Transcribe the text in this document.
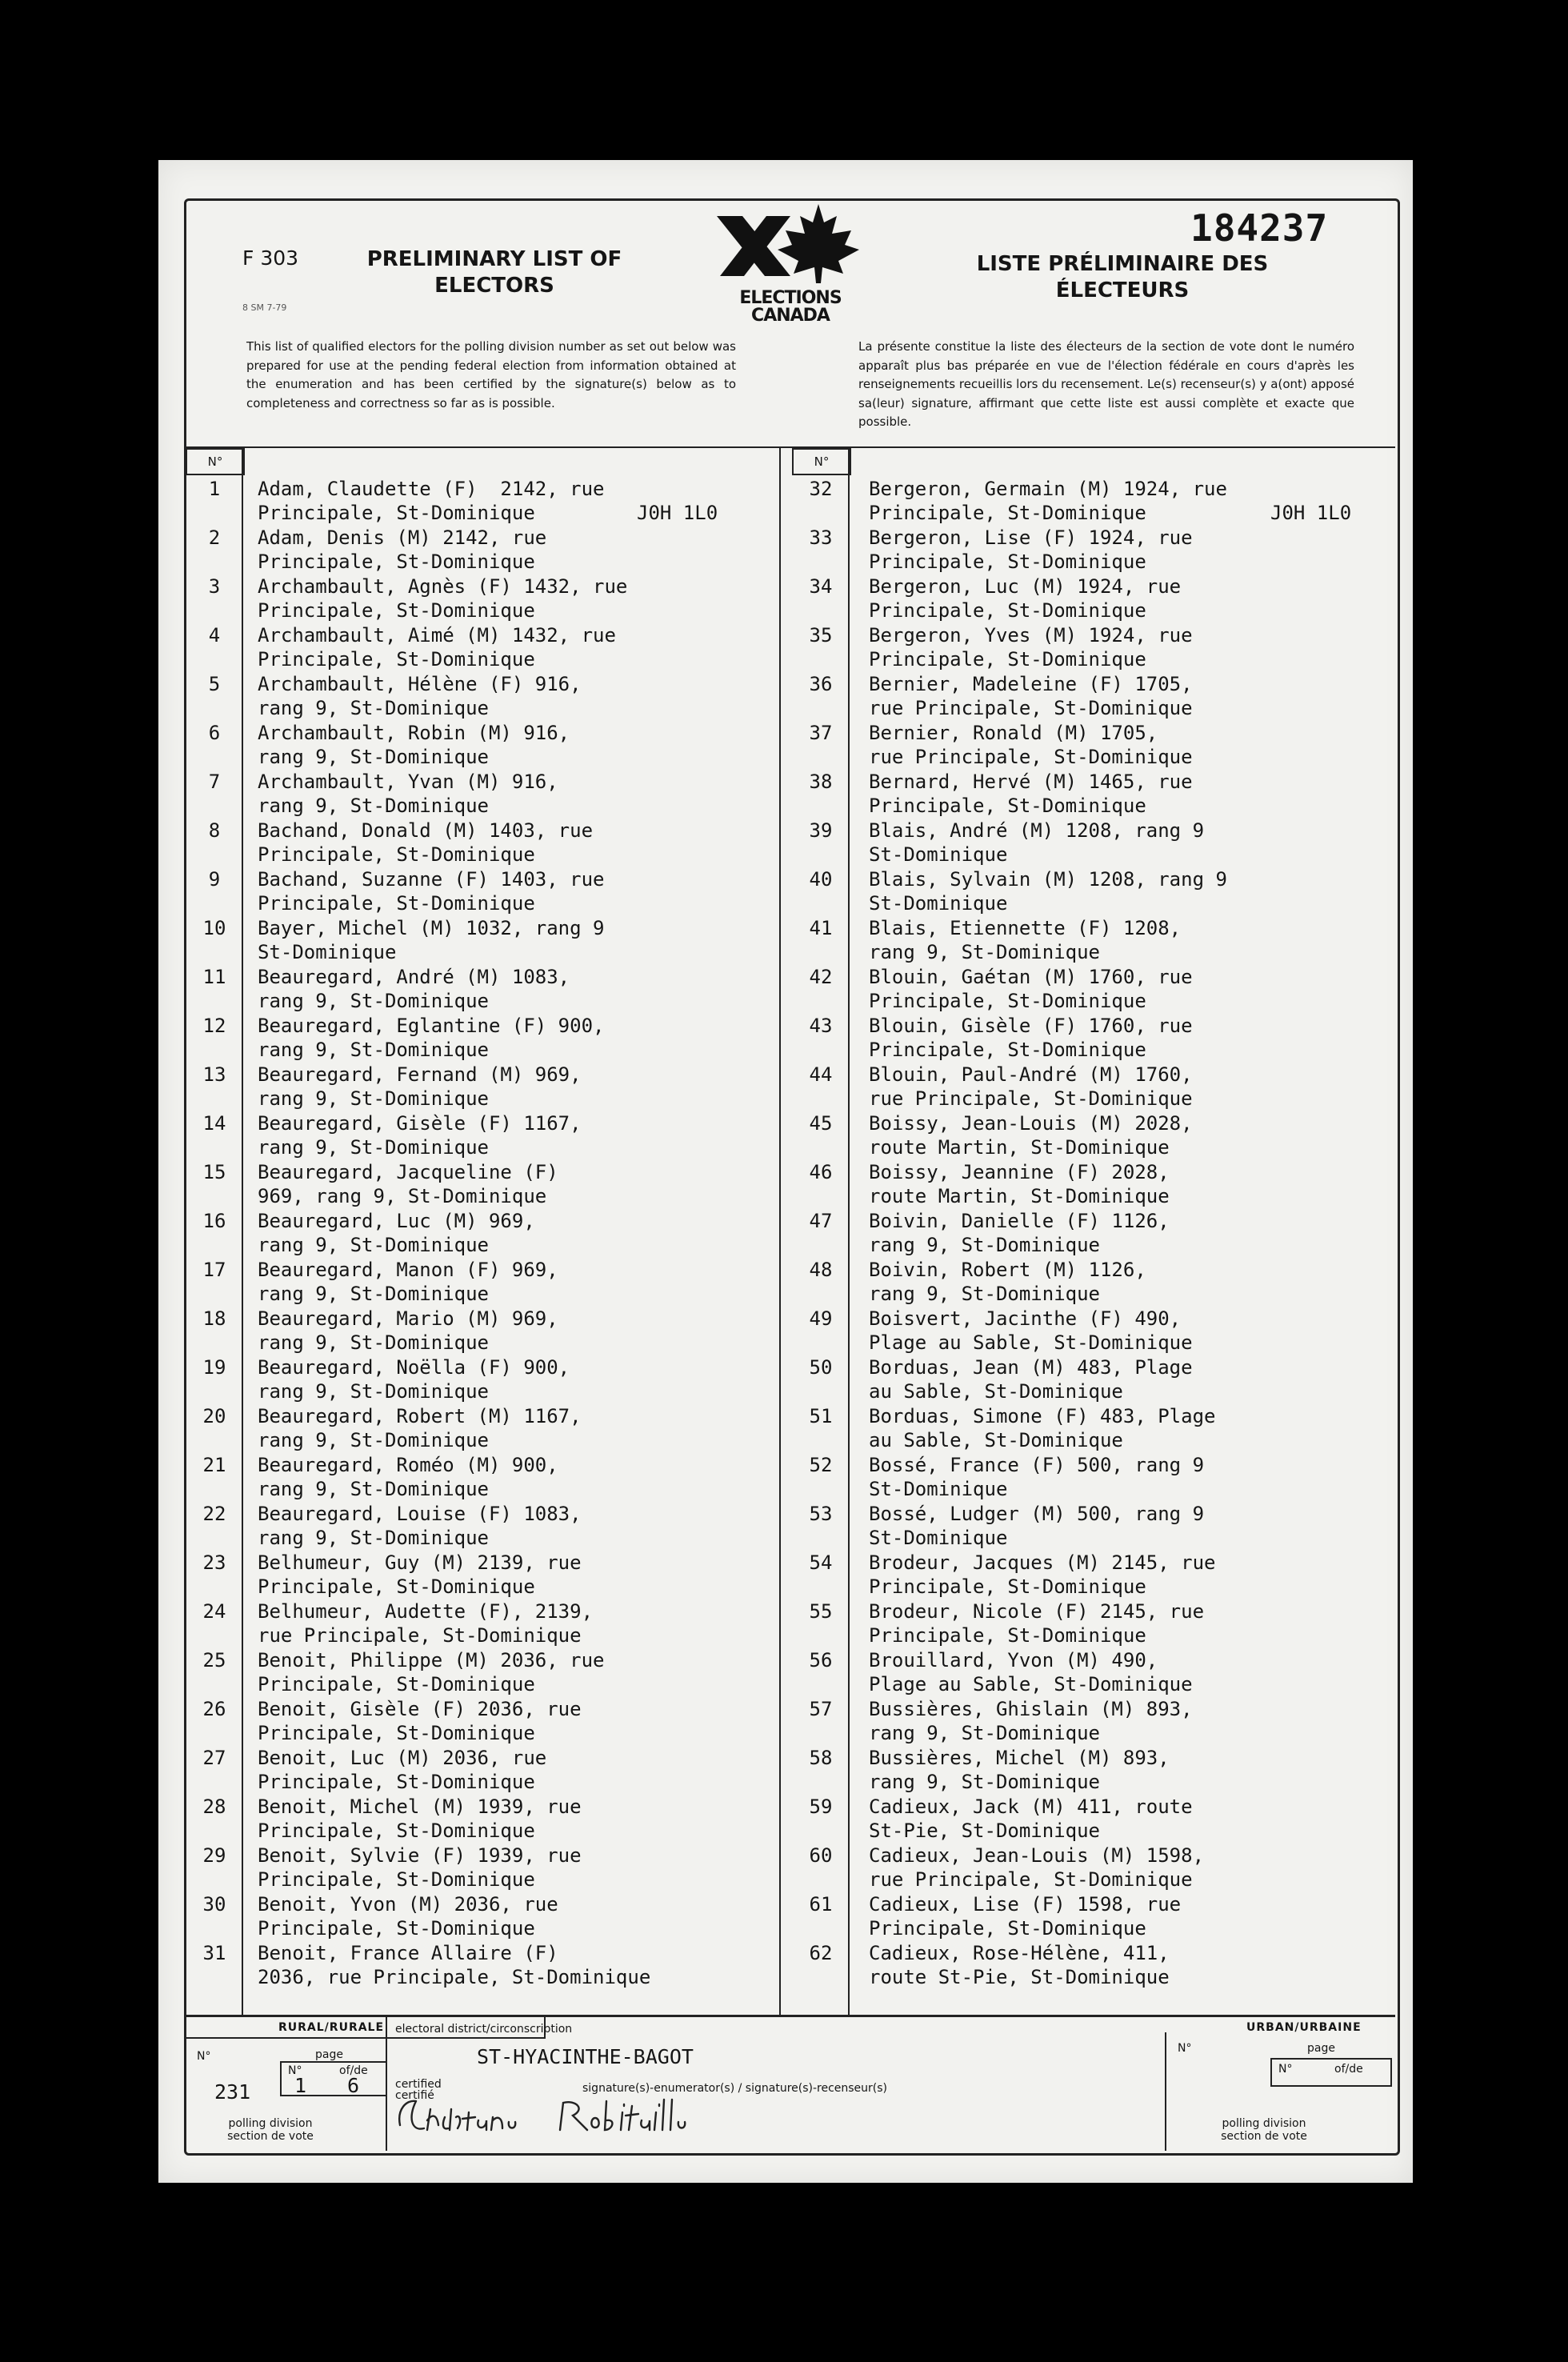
F 303
8 SM 7-79
PRELIMINARY LIST OF ELECTORS
ELECTIONS
CANADA
184237
LISTE PRÉLIMINAIRE DES ÉLECTEURS
This list of qualified electors for the polling division number as set out below was prepared for use at the pending federal election from information obtained at the enumeration and has been certified by the signature(s) below as to completeness and correctness so far as is possible.
La présente constitue la liste des électeurs de la section de vote dont le numéro apparaît plus bas préparée en vue de l'élection fédérale en cours d'après les renseignements recueillis lors du recensement. Le(s) recenseur(s) y a(ont) apposé sa(leur) signature, affirmant que cette liste est aussi complète et exacte que possible.
N°	N°
1	Adam, Claudette (F)  2142, rue
Principale, St-Dominique	J0H 1L0
2	Adam, Denis (M) 2142, rue
Principale, St-Dominique
3	Archambault, Agnès (F) 1432, rue
Principale, St-Dominique
4	Archambault, Aimé (M) 1432, rue
Principale, St-Dominique
5	Archambault, Hélène (F) 916,
rang 9, St-Dominique
6	Archambault, Robin (M) 916,
rang 9, St-Dominique
7	Archambault, Yvan (M) 916,
rang 9, St-Dominique
8	Bachand, Donald (M) 1403, rue
Principale, St-Dominique
9	Bachand, Suzanne (F) 1403, rue
Principale, St-Dominique
10	Bayer, Michel (M) 1032, rang 9
St-Dominique
11	Beauregard, André (M) 1083,
rang 9, St-Dominique
12	Beauregard, Eglantine (F) 900,
rang 9, St-Dominique
13	Beauregard, Fernand (M) 969,
rang 9, St-Dominique
14	Beauregard, Gisèle (F) 1167,
rang 9, St-Dominique
15	Beauregard, Jacqueline (F)
969, rang 9, St-Dominique
16	Beauregard, Luc (M) 969,
rang 9, St-Dominique
17	Beauregard, Manon (F) 969,
rang 9, St-Dominique
18	Beauregard, Mario (M) 969,
rang 9, St-Dominique
19	Beauregard, Noëlla (F) 900,
rang 9, St-Dominique
20	Beauregard, Robert (M) 1167,
rang 9, St-Dominique
21	Beauregard, Roméo (M) 900,
rang 9, St-Dominique
22	Beauregard, Louise (F) 1083,
rang 9, St-Dominique
23	Belhumeur, Guy (M) 2139, rue
Principale, St-Dominique
24	Belhumeur, Audette (F), 2139,
rue Principale, St-Dominique
25	Benoit, Philippe (M) 2036, rue
Principale, St-Dominique
26	Benoit, Gisèle (F) 2036, rue
Principale, St-Dominique
27	Benoit, Luc (M) 2036, rue
Principale, St-Dominique
28	Benoit, Michel (M) 1939, rue
Principale, St-Dominique
29	Benoit, Sylvie (F) 1939, rue
Principale, St-Dominique
30	Benoit, Yvon (M) 2036, rue
Principale, St-Dominique
31	Benoit, France Allaire (F)
2036, rue Principale, St-Dominique
32	Bergeron, Germain (M) 1924, rue
Principale, St-Dominique	J0H 1L0
33	Bergeron, Lise (F) 1924, rue
Principale, St-Dominique
34	Bergeron, Luc (M) 1924, rue
Principale, St-Dominique
35	Bergeron, Yves (M) 1924, rue
Principale, St-Dominique
36	Bernier, Madeleine (F) 1705,
rue Principale, St-Dominique
37	Bernier, Ronald (M) 1705,
rue Principale, St-Dominique
38	Bernard, Hervé (M) 1465, rue
Principale, St-Dominique
39	Blais, André (M) 1208, rang 9
St-Dominique
40	Blais, Sylvain (M) 1208, rang 9
St-Dominique
41	Blais, Etiennette (F) 1208,
rang 9, St-Dominique
42	Blouin, Gaétan (M) 1760, rue
Principale, St-Dominique
43	Blouin, Gisèle (F) 1760, rue
Principale, St-Dominique
44	Blouin, Paul-André (M) 1760,
rue Principale, St-Dominique
45	Boissy, Jean-Louis (M) 2028,
route Martin, St-Dominique
46	Boissy, Jeannine (F) 2028,
route Martin, St-Dominique
47	Boivin, Danielle (F) 1126,
rang 9, St-Dominique
48	Boivin, Robert (M) 1126,
rang 9, St-Dominique
49	Boisvert, Jacinthe (F) 490,
Plage au Sable, St-Dominique
50	Borduas, Jean (M) 483, Plage
au Sable, St-Dominique
51	Borduas, Simone (F) 483, Plage
au Sable, St-Dominique
52	Bossé, France (F) 500, rang 9
St-Dominique
53	Bossé, Ludger (M) 500, rang 9
St-Dominique
54	Brodeur, Jacques (M) 2145, rue
Principale, St-Dominique
55	Brodeur, Nicole (F) 2145, rue
Principale, St-Dominique
56	Brouillard, Yvon (M) 490,
Plage au Sable, St-Dominique
57	Bussières, Ghislain (M) 893,
rang 9, St-Dominique
58	Bussières, Michel (M) 893,
rang 9, St-Dominique
59	Cadieux, Jack (M) 411, route
St-Pie, St-Dominique
60	Cadieux, Jean-Louis (M) 1598,
rue Principale, St-Dominique
61	Cadieux, Lise (F) 1598, rue
Principale, St-Dominique
62	Cadieux, Rose-Hélène, 411,
route St-Pie, St-Dominique
RURAL/RURALE electoral district/circonscription	URBAN/URBAINE
N°	page
N°	of/de
231 1 6
polling division
section de vote
ST-HYACINTHE-BAGOT
certified
certifié
signature(s)-enumerator(s) / signature(s)-recenseur(s)
N°	page
N°	of/de
polling division
section de vote
